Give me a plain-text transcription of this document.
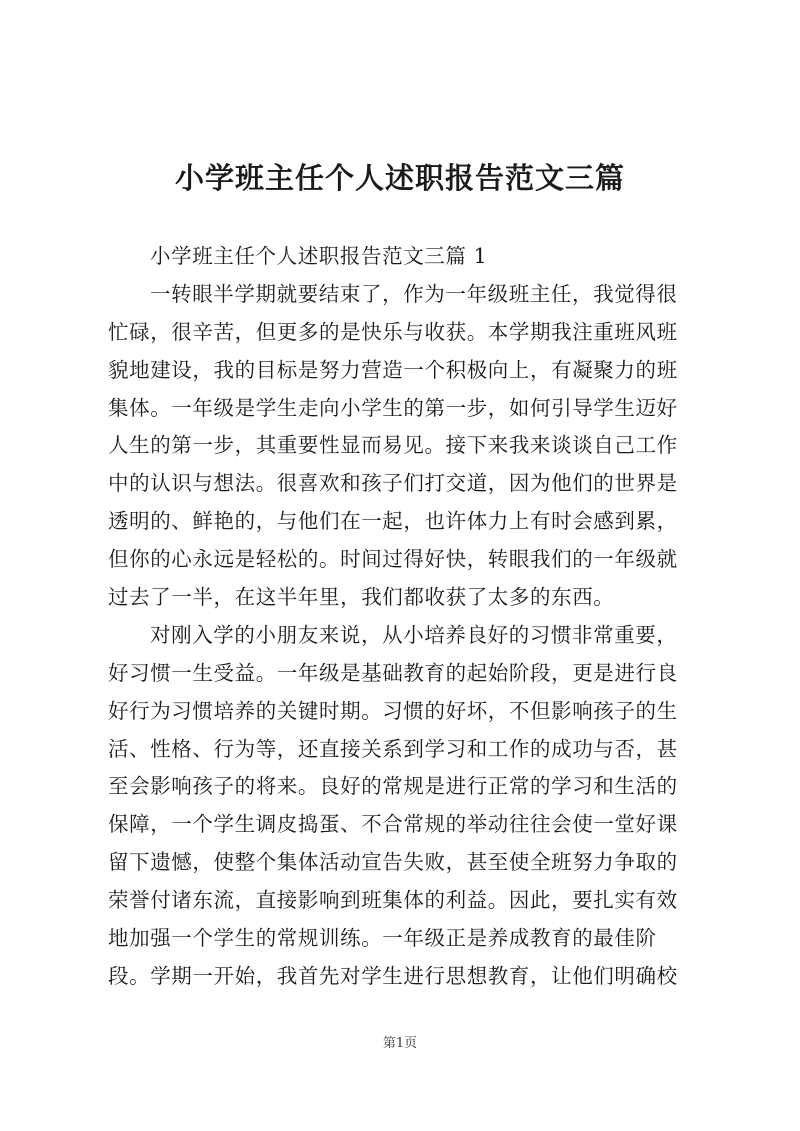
小学班主任个人述职报告范文三篇
小学班主任个人述职报告范文三篇 1
一转眼半学期就要结束了，作为一年级班主任，我觉得很
忙碌，很辛苦，但更多的是快乐与收获。本学期我注重班风班
貌地建设，我的目标是努力营造一个积极向上，有凝聚力的班
集体。一年级是学生走向小学生的第一步，如何引导学生迈好
人生的第一步，其重要性显而易见。接下来我来谈谈自己工作
中的认识与想法。很喜欢和孩子们打交道，因为他们的世界是
透明的、鲜艳的，与他们在一起，也许体力上有时会感到累，
但你的心永远是轻松的。时间过得好快，转眼我们的一年级就
过去了一半，在这半年里，我们都收获了太多的东西。
对刚入学的小朋友来说，从小培养良好的习惯非常重要，
好习惯一生受益。一年级是基础教育的起始阶段，更是进行良
好行为习惯培养的关键时期。习惯的好坏，不但影响孩子的生
活、性格、行为等，还直接关系到学习和工作的成功与否，甚
至会影响孩子的将来。良好的常规是进行正常的学习和生活的
保障，一个学生调皮捣蛋、不合常规的举动往往会使一堂好课
留下遗憾，使整个集体活动宣告失败，甚至使全班努力争取的
荣誉付诸东流，直接影响到班集体的利益。因此，要扎实有效
地加强一个学生的常规训练。一年级正是养成教育的最佳阶
段。学期一开始，我首先对学生进行思想教育，让他们明确校
第1页
